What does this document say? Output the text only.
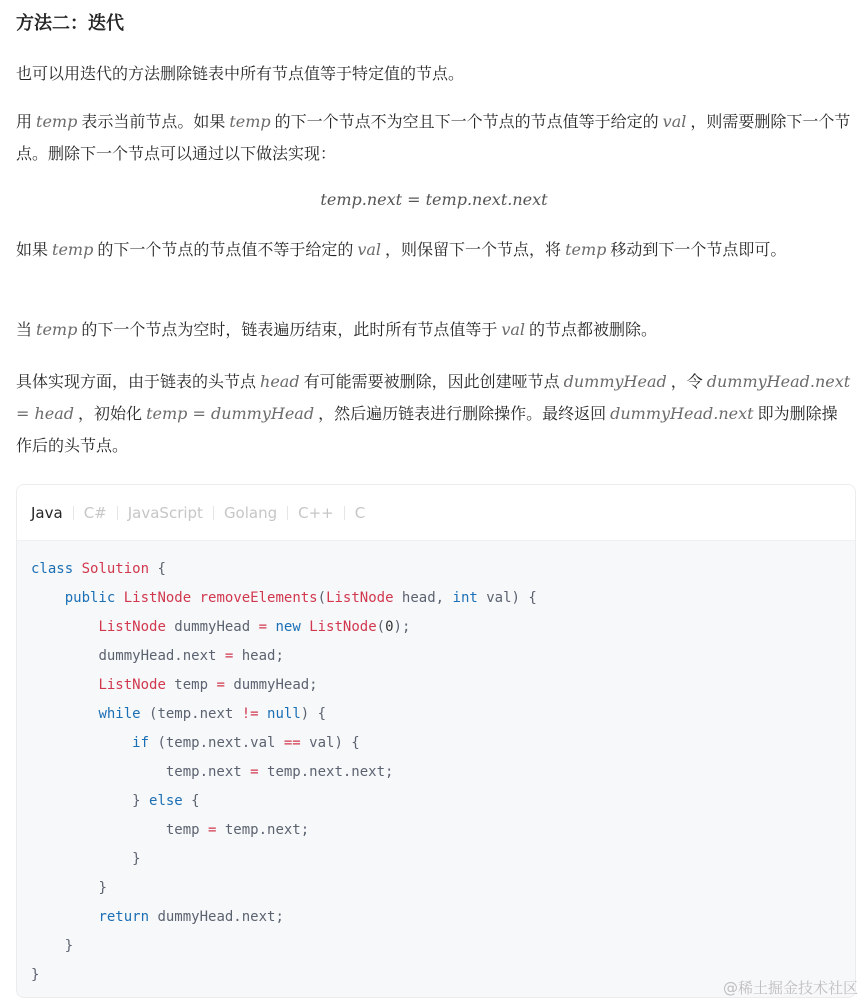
方法二：迭代

也可以用迭代的方法删除链表中所有节点值等于特定值的节点。

用 temp 表示当前节点。如果 temp 的下一个节点不为空且下一个节点的节点值等于给定的 val ，则需要删除下一个节点。删除下一个节点可以通过以下做法实现：

temp.next = temp.next.next

如果 temp 的下一个节点的节点值不等于给定的 val ，则保留下一个节点，将 temp 移动到下一个节点即可。

当 temp 的下一个节点为空时，链表遍历结束，此时所有节点值等于 val 的节点都被删除。

具体实现方面，由于链表的头节点 head 有可能需要被删除，因此创建哑节点 dummyHead ，令 dummyHead.next = head ，初始化 temp = dummyHead ，然后遍历链表进行删除操作。最终返回 dummyHead.next 即为删除操作后的头节点。

Java	C#	JavaScript	Golang	C++	C
class Solution {
public ListNode removeElements(ListNode head, int val) {
ListNode dummyHead = new ListNode(0);
dummyHead.next = head;
ListNode temp = dummyHead;
while (temp.next != null) {
if (temp.next.val == val) {
temp.next = temp.next.next;
} else {
temp = temp.next;
}
}
return dummyHead.next;
}
}
@稀土掘金技术社区
